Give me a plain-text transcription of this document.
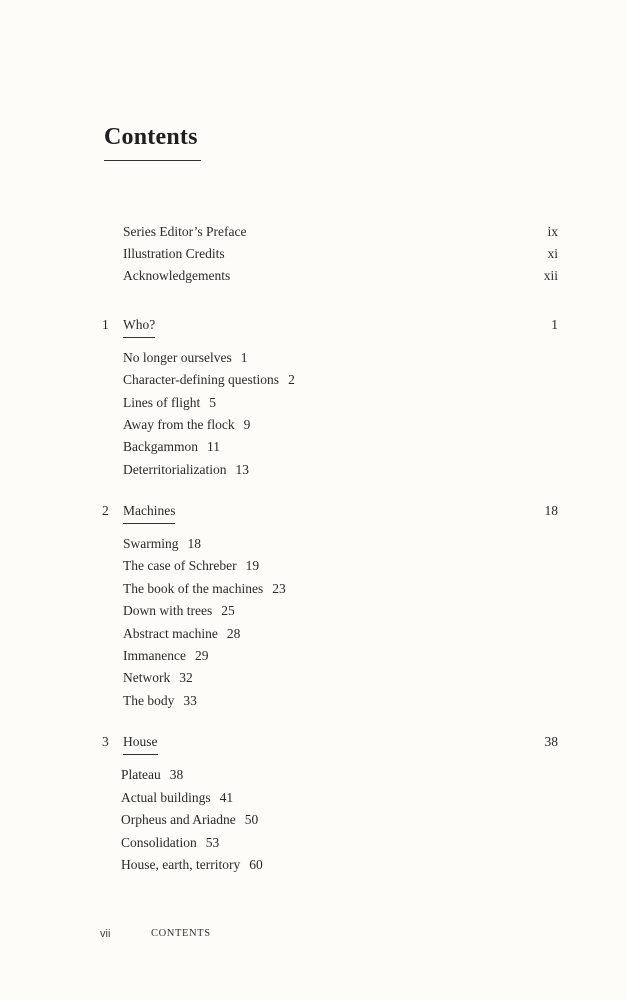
Contents
Series Editor’s Preface	ix
Illustration Credits	xi
Acknowledgements	xii
1 Who?	1
No longer ourselves 1
Character-defining questions 2
Lines of flight 5
Away from the flock 9
Backgammon 11
Deterritorialization 13
2 Machines	18
Swarming 18
The case of Schreber 19
The book of the machines 23
Down with trees 25
Abstract machine 28
Immanence 29
Network 32
The body 33
3 House	38
Plateau 38
Actual buildings 41
Orpheus and Ariadne 50
Consolidation 53
House, earth, territory 60
vii	CONTENTS
